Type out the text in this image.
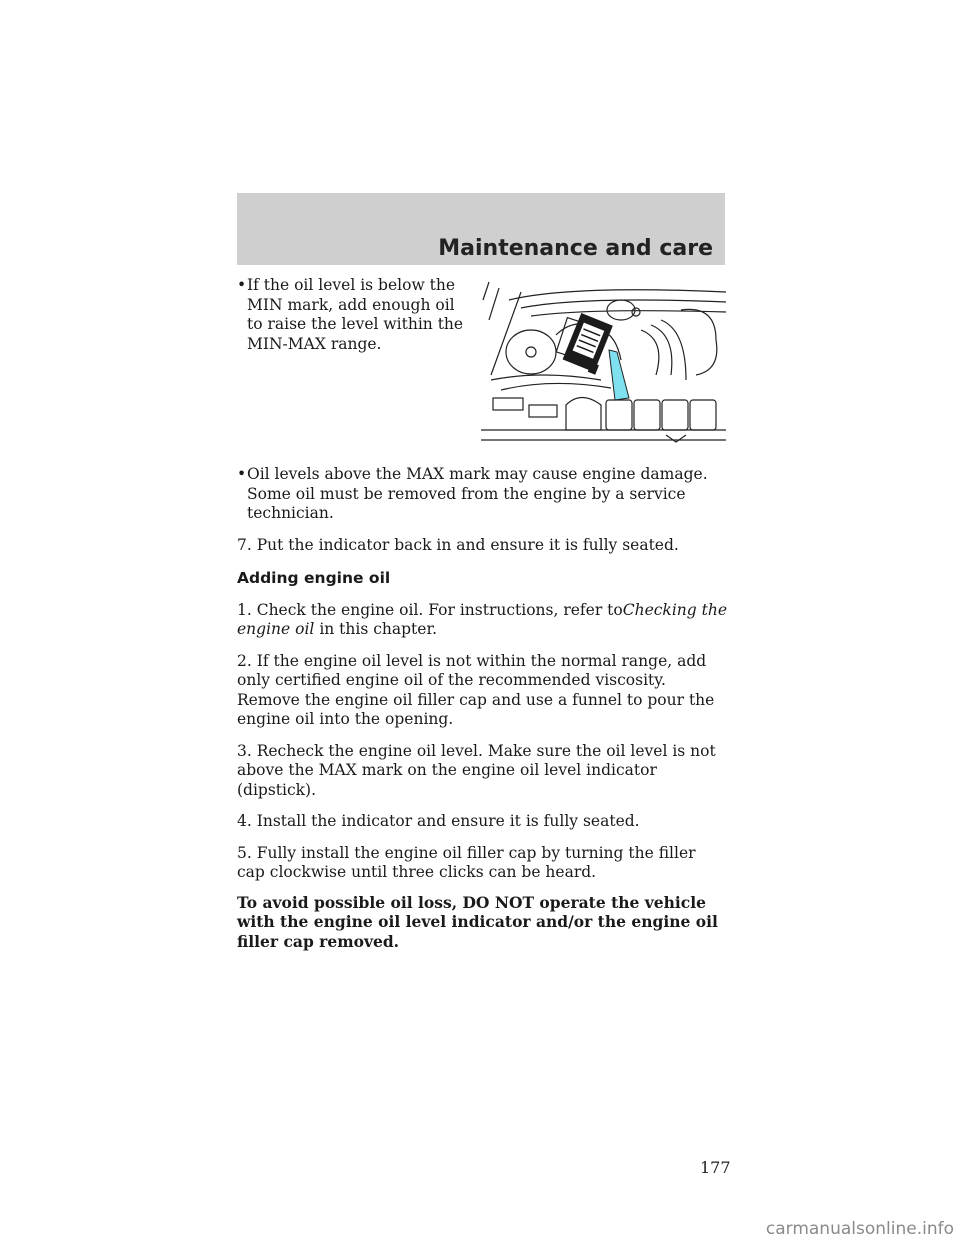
Maintenance and care
• If the oil level is below the MIN mark, add enough oil to raise the level within the MIN-MAX range.
• Oil levels above the MAX mark may cause engine damage. Some oil must be removed from the engine by a service technician.

7. Put the indicator back in and ensure it is fully seated.

Adding engine oil

1. Check the engine oil. For instructions, refer toChecking the engine oil in this chapter.

2. If the engine oil level is not within the normal range, add only certified engine oil of the recommended viscosity. Remove the engine oil filler cap and use a funnel to pour the engine oil into the opening.

3. Recheck the engine oil level. Make sure the oil level is not above the MAX mark on the engine oil level indicator (dipstick).

4. Install the indicator and ensure it is fully seated.

5. Fully install the engine oil filler cap by turning the filler cap clockwise until three clicks can be heard.

To avoid possible oil loss, DO NOT operate the vehicle with the engine oil level indicator and/or the engine oil filler cap removed.

177
carmanualsonline.info
